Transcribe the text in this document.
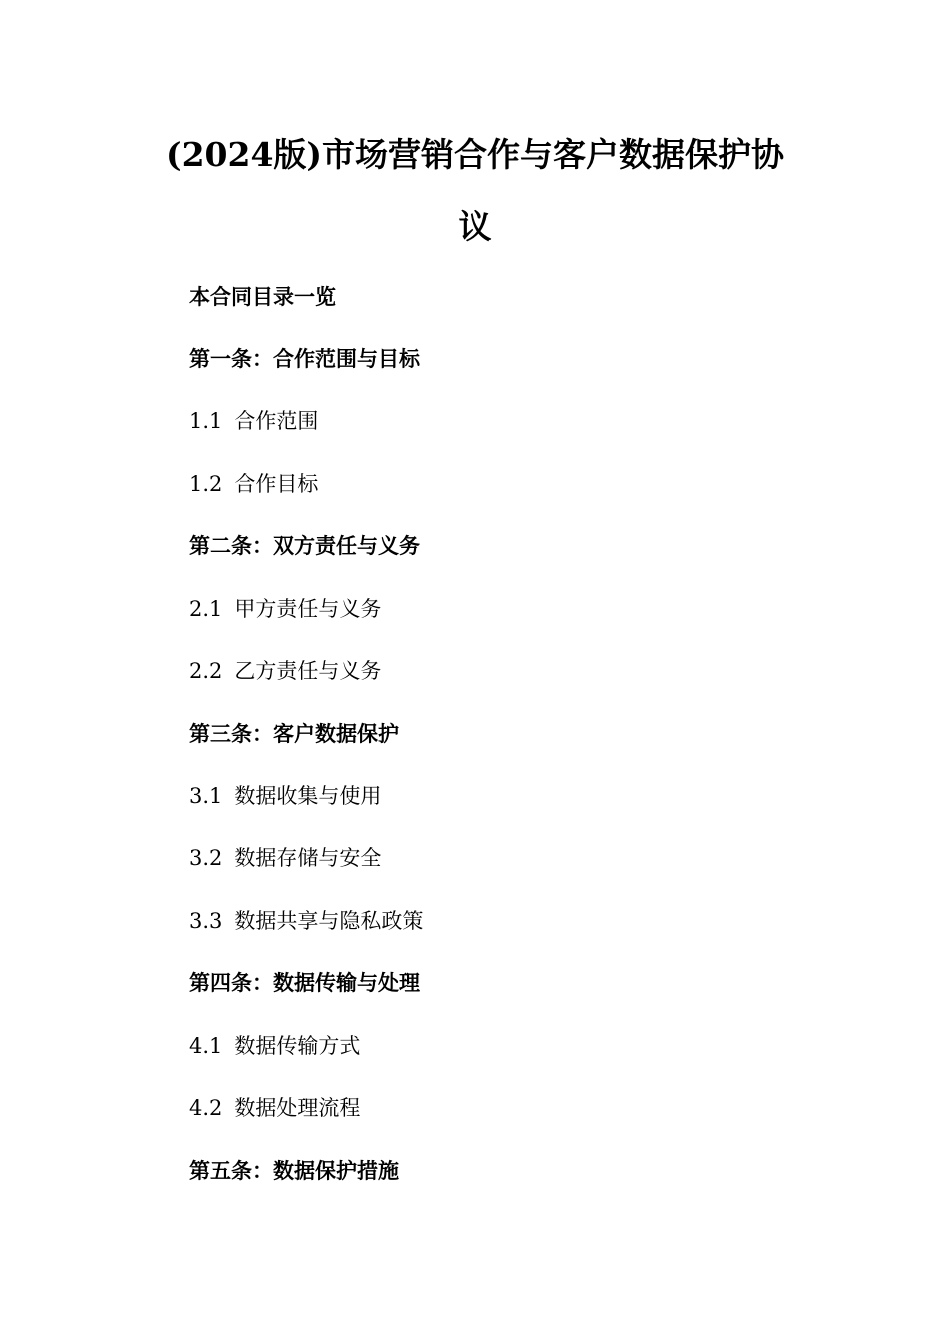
(2024版)市场营销合作与客户数据保护协
议
本合同目录一览
第一条：合作范围与目标
1.1 合作范围
1.2 合作目标
第二条：双方责任与义务
2.1 甲方责任与义务
2.2 乙方责任与义务
第三条：客户数据保护
3.1 数据收集与使用
3.2 数据存储与安全
3.3 数据共享与隐私政策
第四条：数据传输与处理
4.1 数据传输方式
4.2 数据处理流程
第五条：数据保护措施
